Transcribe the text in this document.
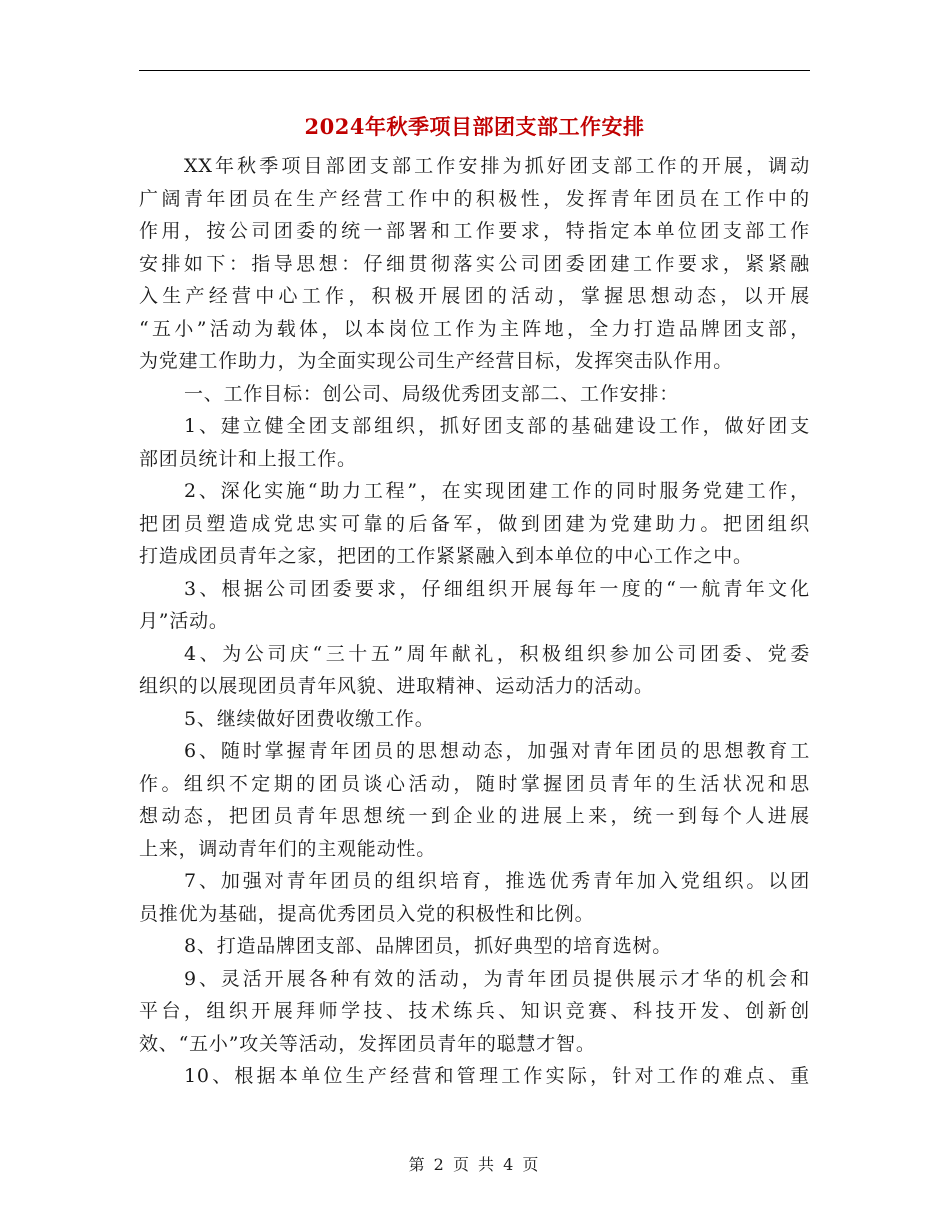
2024年秋季项目部团支部工作安排
XX年秋季项目部团支部工作安排为抓好团支部工作的开展，调动
广阔青年团员在生产经营工作中的积极性，发挥青年团员在工作中的
作用，按公司团委的统一部署和工作要求，特指定本单位团支部工作
安排如下：指导思想：仔细贯彻落实公司团委团建工作要求，紧紧融
入生产经营中心工作，积极开展团的活动，掌握思想动态，以开展
“五小”活动为载体，以本岗位工作为主阵地，全力打造品牌团支部，
为党建工作助力，为全面实现公司生产经营目标，发挥突击队作用。
一、工作目标：创公司、局级优秀团支部二、工作安排：
1、建立健全团支部组织，抓好团支部的基础建设工作，做好团支
部团员统计和上报工作。
2、深化实施“助力工程”，在实现团建工作的同时服务党建工作，
把团员塑造成党忠实可靠的后备军，做到团建为党建助力。把团组织
打造成团员青年之家，把团的工作紧紧融入到本单位的中心工作之中。
3、根据公司团委要求，仔细组织开展每年一度的“一航青年文化
月”活动。
4、为公司庆“三十五”周年献礼，积极组织参加公司团委、党委
组织的以展现团员青年风貌、进取精神、运动活力的活动。
5、继续做好团费收缴工作。
6、随时掌握青年团员的思想动态，加强对青年团员的思想教育工
作。组织不定期的团员谈心活动，随时掌握团员青年的生活状况和思
想动态，把团员青年思想统一到企业的进展上来，统一到每个人进展
上来，调动青年们的主观能动性。
7、加强对青年团员的组织培育，推选优秀青年加入党组织。以团
员推优为基础，提高优秀团员入党的积极性和比例。
8、打造品牌团支部、品牌团员，抓好典型的培育选树。
9、灵活开展各种有效的活动，为青年团员提供展示才华的机会和
平台，组织开展拜师学技、技术练兵、知识竞赛、科技开发、创新创
效、“五小”攻关等活动，发挥团员青年的聪慧才智。
10、根据本单位生产经营和管理工作实际，针对工作的难点、重
第 2 页 共 4 页
